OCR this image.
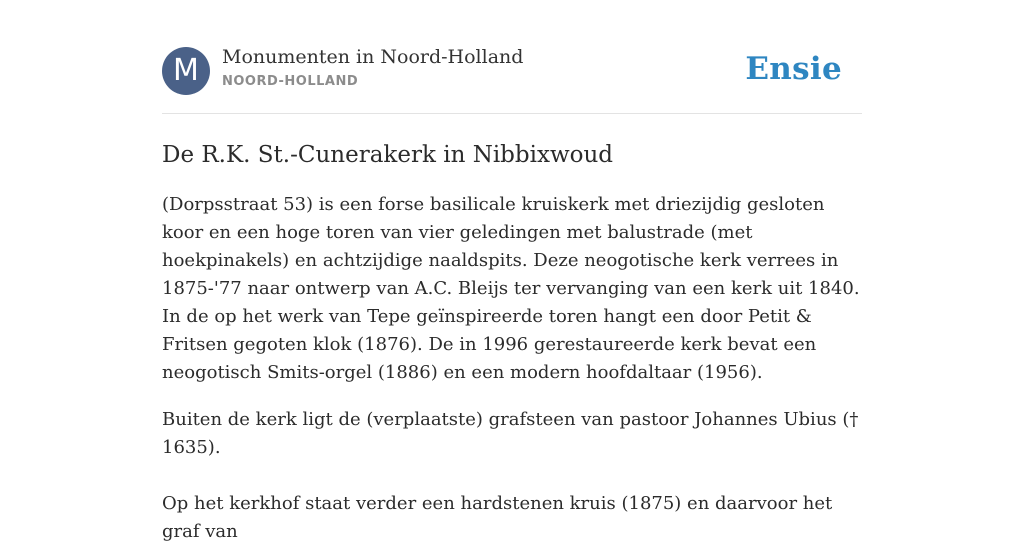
M	Monumenten in Noord-Holland
NOORD-HOLLAND	Ensie
De R.K. St.-Cunerakerk in Nibbixwoud

(Dorpsstraat 53) is een forse basilicale kruiskerk met driezijdig gesloten koor en een hoge toren van vier geledingen met balustrade (met hoekpinakels) en achtzijdige naaldspits. Deze neogotische kerk verrees in 1875-'77 naar ontwerp van A.C. Bleijs ter vervanging van een kerk uit 1840. In de op het werk van Tepe geïnspireerde toren hangt een door Petit & Fritsen gegoten klok (1876). De in 1996 gerestaureerde kerk bevat een neogotisch Smits-orgel (1886) en een modern hoofdaltaar (1956).

Buiten de kerk ligt de (verplaatste) grafsteen van pastoor Johannes Ubius († 1635).

Op het kerkhof staat verder een hardstenen kruis (1875) en daarvoor het graf van
